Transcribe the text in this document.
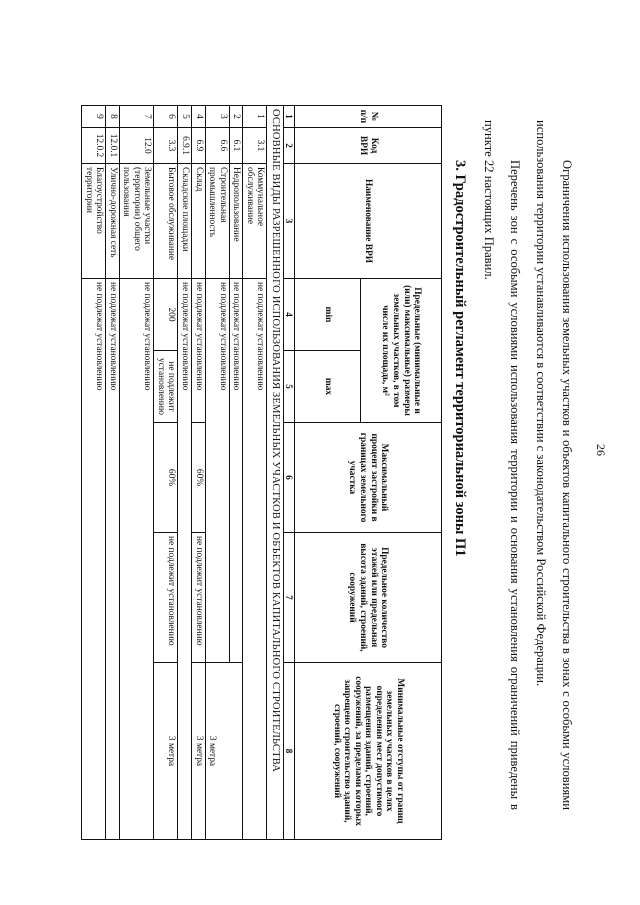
26

Ограничения использования земельных участков и объектов капитального строительства в зонах с особыми условиями использования территории устанавливаются в соответствии с законодательством Российской Федерации.

Перечень зон с особыми условиями использования территории и основания установления ограничений приведены в пункте 22 настоящих Правил.

3. Градостроительный регламент территориальной зоны П1
№ п/п	Код ВРИ	Наименование ВРИ	Предельные (минимальные и (или) максимальные) размеры земельных участков, в том числе их площадь, м²		Максимальный процент застройки в границах земельного участка	Предельное количество этажей или предельная высота зданий, строений, сооружений	Минимальные отступы от границ земельных участков в целях определения мест допустимого размещения зданий, строений, сооружений, за пределами которых запрещено строительство зданий, строений, сооружений
			min	max			
1	2	3	4	5	6	7	8
ОСНОВНЫЕ ВИДЫ РАЗРЕШЕННОГО ИСПОЛЬЗОВАНИЯ ЗЕМЕЛЬНЫХ УЧАСТКОВ И ОБЪЕКТОВ КАПИТАЛЬНОГО СТРОИТЕЛЬСТВА							
1	3.1	Коммунальное обслуживание	не подлежат установлению				
2	6.1	Недропользование	не подлежат установлению				3 метра
3	6.6	Строительная промышленность	не подлежат установлению				
4	6.9	Склад	не подлежат установлению		60%	не подлежит установлению	3 метра
5	6.9.1	Складские площадки	не подлежат установлению				
6	3.3	Бытовое обслуживание	200	не подлежит установлению	60%	не подлежит установлению	3 метра
7	12.0	Земельные участки (территории) общего пользования	не подлежат установлению				
8	12.0.1	Улично-дорожная сеть	не подлежат установлению				
9	12.0.2	Благоустройство территории	не подлежат установлению				
